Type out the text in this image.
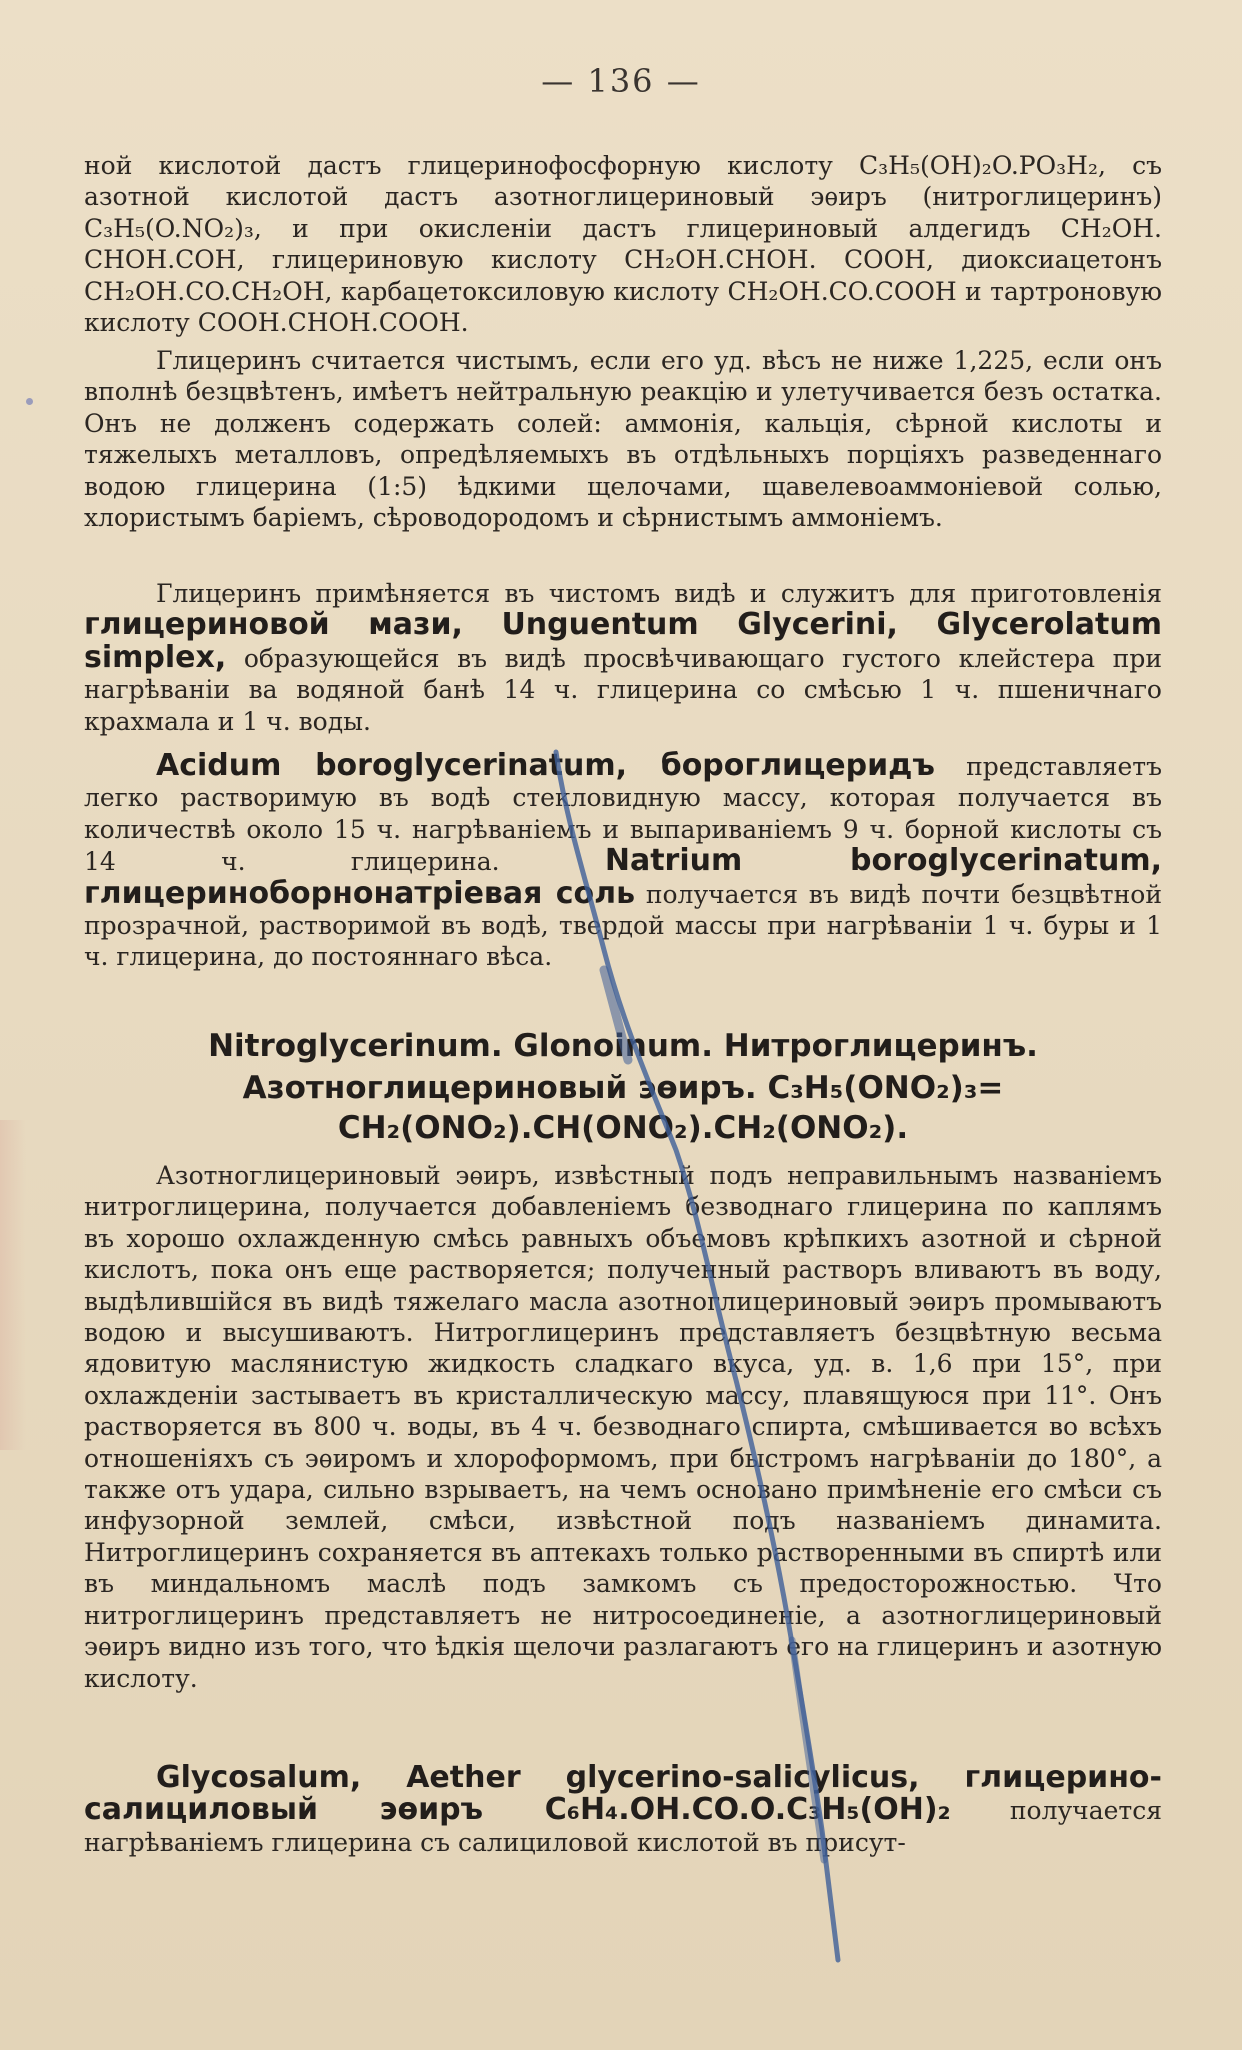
— 136 —

ной кислотой дастъ глицеринофосфорную кислоту C₃H₅(OH)₂O.PO₃H₂, съ азотной кислотой дастъ азотноглицериновый эѳиръ (нитроглицеринъ) C₃H₅(O.NO₂)₃, и при окисленiи дастъ глицериновый алдегидъ CH₂OH. CHOH.COH, глицериновую кислоту CH₂OH.CHOH. COOH, диоксиацетонъ CH₂OH.CO.CH₂OH, карбацетоксиловую кислоту CH₂OH.CO.COOH и тартроновую кислоту COOH.CHOH.COOH.

Глицеринъ считается чистымъ, если его уд. вѣсъ не ниже 1,225, если онъ вполнѣ безцвѣтенъ, имѣетъ нейтральную реакцiю и улетучивается безъ остатка. Онъ не долженъ содержать солей: аммонiя, кальцiя, сѣрной кислоты и тяжелыхъ металловъ, опредѣляемыхъ въ отдѣльныхъ порцiяхъ разведеннаго водою глицерина (1:5) ѣдкими щелочами, щавелевоаммонiевой солью, хлористымъ барiемъ, сѣроводородомъ и сѣрнистымъ аммонiемъ.

Глицеринъ примѣняется въ чистомъ видѣ и служитъ для приготовленiя глицериновой мази, Unguentum Glycerini, Glycerolatum simplex, образующейся въ видѣ просвѣчивающаго густого клейстера при нагрѣванiи ва водяной банѣ 14 ч. глицерина со смѣсью 1 ч. пшеничнаго крахмала и 1 ч. воды.

Acidum boroglycerinatum, бороглицеридъ представляетъ легко растворимую въ водѣ стекловидную массу, которая получается въ количествѣ около 15 ч. нагрѣванiемъ и выпариванiемъ 9 ч. борной кислоты съ 14 ч. глицерина.	Natrium boroglycerinatum, глицериноборнонатрiевая соль получается въ видѣ почти безцвѣтной прозрачной, растворимой въ водѣ, твердой массы при нагрѣванiи 1 ч. буры и 1 ч. глицерина, до постояннаго вѣса.

Nitroglycerinum. Glonoinum. Нитроглицеринъ.
Азотноглицериновый эѳиръ. C₃H₅(ONO₂)₃=
CH₂(ONO₂).CH(ONO₂).CH₂(ONO₂).

Азотноглицериновый эѳиръ, извѣстный подъ неправильнымъ названiемъ нитроглицерина, получается добавленiемъ безводнаго глицерина по каплямъ въ хорошо охлажденную смѣсь равныхъ объемовъ крѣпкихъ азотной и сѣрной кислотъ, пока онъ еще растворяется; полученный растворъ вливаютъ въ воду, выдѣлившiйся въ видѣ тяжелаго масла азотноглицериновый эѳиръ промываютъ водою и высушиваютъ. Нитроглицеринъ представляетъ безцвѣтную весьма ядовитую маслянистую жидкость сладкаго вкуса, уд. в. 1,6 при 15°, при охлажденiи застываетъ въ кристаллическую массу, плавящуюся при 11°. Онъ растворяется въ 800 ч. воды, въ 4 ч. безводнаго спирта, смѣшивается во всѣхъ отношенiяхъ съ эѳиромъ и хлороформомъ, при быстромъ нагрѣванiи до 180°, а также отъ удара, сильно взрываетъ, на чемъ основано примѣненiе его смѣси съ инфузорной землей, смѣси, извѣстной подъ названiемъ динамита. Нитроглицеринъ сохраняется въ аптекахъ только растворенными въ спиртѣ или въ миндальномъ маслѣ подъ замкомъ съ предосторожностью. Что нитроглицеринъ представляетъ не нитросоединенiе, а азотноглицериновый эѳиръ видно изъ того, что ѣдкiя щелочи разлагаютъ его на глицеринъ и азотную кислоту.

Glycosalum, Aether glycerino-salicylicus, глицерино-салициловый эѳиръ C₆H₄.OH.CO.O.C₃H₅(OH)₂ получается нагрѣванiемъ глицерина съ салициловой кислотой въ присут-
